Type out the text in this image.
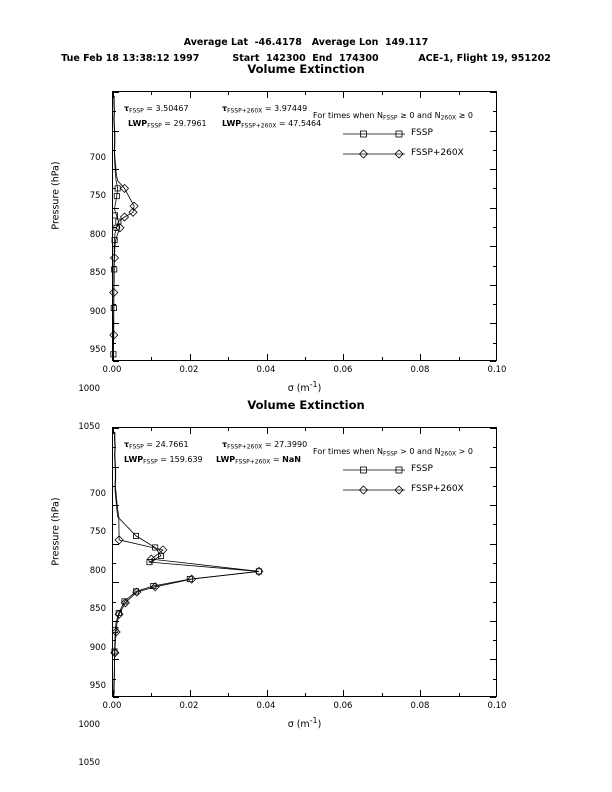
Average Lat  -46.4178   Average Lon  149.117
Tue Feb 18 13:38:12 1997          Start  142300  End  174300            ACE-1, Flight 19, 951202
Volume Extinction
Pressure (hPa)
σ $(m^{-1})$
700
750
800
850
900
950
1000
1050
0.00	0.02	0.04	0.06	0.08	0.10
FSSP
FSSP+260X
$\tau_{FSSP} = 3.50467$	$\tau_{FSSP+260X} = 3.97449$
$LWP_{FSSP} = 29.7961$ $LWP_{FSSP+260X} = 47.5464$
For times when $N_{FSSP} \ge 0$ and $N_{260X} \ge 0$
Volume Extinction
Pressure (hPa)
σ $(m^{-1})$
700
750
800
850
900
950
1000
1050
0.00	0.02	0.04	0.06	0.08	0.10
FSSP
FSSP+260X
$\tau_{FSSP} = 24.7661$	$\tau_{FSSP+260X} = 27.3990$
$LWP_{FSSP} = 159.639$ $LWP_{FSSP+260X}$ = NaN
For times when $N_{FSSP} > 0$ and $N_{260X} > 0$
